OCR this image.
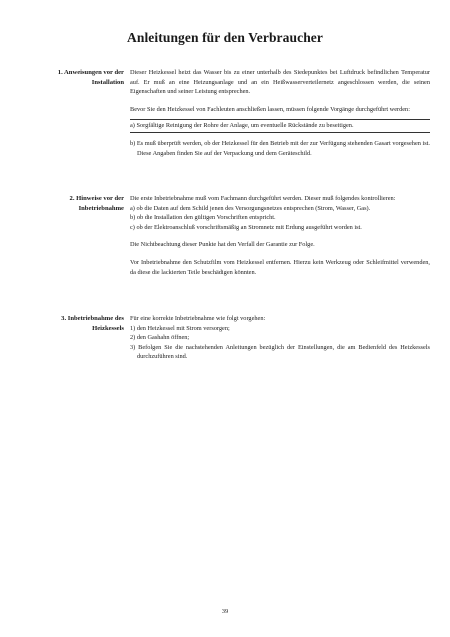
Anleitungen für den Verbraucher
1. Anweisungen vor der
Installation

Dieser Heizkessel heizt das Wasser bis zu einer unterhalb des Siedepunktes bei Luftdruck befindlichen Temperatur auf. Er muß an eine Heizungsanlage und an ein Heißwasserverteilernetz angeschlossen werden, die seinen Eigenschaften und seiner Leistung entsprechen.

Bevor Sie den Heizkessel von Fachleuten anschließen lassen, müssen folgende Vorgänge durchgeführt werden:

a) Sorgfältige Reinigung der Rohre der Anlage, um eventuelle Rückstände zu beseitigen.

b) Es muß überprüft werden, ob der Heizkessel für den Betrieb mit der zur Verfügung stehenden Gasart vorgesehen ist. Diese Angaben finden Sie auf der Verpackung und dem Geräteschild.

2. Hinweise vor der
Inbetriebnahme

Die erste Inbetriebnahme muß vom Fachmann durchgeführt werden. Dieser muß folgendes kontrollieren:

a) ob die Daten auf dem Schild jenen des Versorgungsnetzes entsprechen (Strom, Wasser, Gas).

b) ob die Installation den gültigen Vorschriften entspricht.

c) ob der Elektroanschluß vorschriftsmäßig an Stromnetz mit Erdung ausgeführt worden ist.

Die Nichtbeachtung dieser Punkte hat den Verfall der Garantie zur Folge.

Vor Inbetriebnahme den Schutzfilm vom Heizkessel entfernen. Hierzu kein Werkzeug oder Schleifmittel verwenden, da diese die lackierten Teile beschädigen könnten.

3. Inbetriebnahme des
Heizkessels

Für eine korrekte Inbetriebnahme wie folgt vorgehen:

1) den Heizkessel mit Strom versorgen;

2) den Gashahn öffnen;

3) Befolgen Sie die nachstehenden Anleitungen bezüglich der Einstellungen, die am Bedienfeld des Heizkessels durchzuführen sind.

39
